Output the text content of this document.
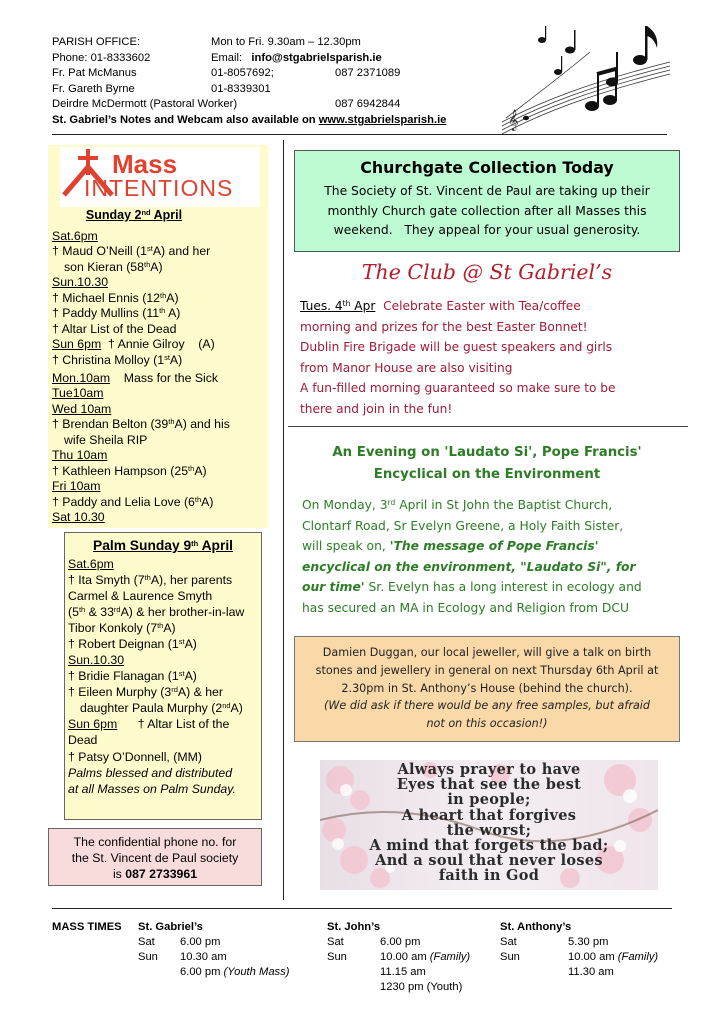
PARISH OFFICE:	Mon to Fri. 9.30am – 12.30pm
Phone: 01-8333602	Email: info@stgabrielsparish.ie
Fr. Pat McManus	01-8057692;	087 2371089
Fr. Gareth Byrne	01-8339301
Deirdre McDermott (Pastoral Worker)	087 6942844
St. Gabriel’s Notes and Webcam also available on www.stgabrielsparish.ie	𝄞
Mass
INTENTIONS
Sunday 2nd April
Sat.6pm
† Maud O’Neill (1stA) and her
son Kieran (58thA)
Sun.10.30
† Michael Ennis (12thA)
† Paddy Mullins (11th A)
† Altar List of the Dead
Sun 6pm  † Annie Gilroy    (A)
† Christina Molloy (1stA)
Mon.10am    Mass for the Sick
Tue10am
Wed 10am
† Brendan Belton (39thA) and his
wife Sheila RIP
Thu 10am
† Kathleen Hampson (25thA)
Fri 10am
† Paddy and Lelia Love (6thA)
Sat 10.30
Palm Sunday 9th April
Sat.6pm
† Ita Smyth (7thA), her parents
Carmel & Laurence Smyth
(5th & 33rdA) & her brother-in-law
Tibor Konkoly (7thA)
† Robert Deignan (1stA)
Sun.10.30
† Bridie Flanagan (1stA)
† Eileen Murphy (3rdA) & her
daughter Paula Murphy (2ndA)
Sun 6pm      † Altar List of the
Dead
† Patsy O’Donnell, (MM)
Palms blessed and distributed
at all Masses on Palm Sunday.
The confidential phone no. for
the St. Vincent de Paul society
is 087 2733961
Churchgate Collection Today
The Society of St. Vincent de Paul are taking up their
monthly Church gate collection after all Masses this
weekend.   They appeal for your usual generosity.
The Club @ St Gabriel’s
Tues. 4th Apr  Celebrate Easter with Tea/coffee
morning and prizes for the best Easter Bonnet!
Dublin Fire Brigade will be guest speakers and girls
from Manor House are also visiting
A fun-filled morning guaranteed so make sure to be
there and join in the fun!
An Evening on 'Laudato Si', Pope Francis'
Encyclical on the Environment
On Monday, 3rd April in St John the Baptist Church,
Clontarf Road, Sr Evelyn Greene, a Holy Faith Sister,
will speak on, 'The message of Pope Francis'
encyclical on the environment, "Laudato Si", for
our time' Sr. Evelyn has a long interest in ecology and
has secured an MA in Ecology and Religion from DCU
Damien Duggan, our local jeweller, will give a talk on birth
stones and jewellery in general on next Thursday 6th April at
2.30pm in St. Anthony’s House (behind the church).
(We did ask if there would be any free samples, but afraid
not on this occasion!)
Always prayer to have
Eyes that see the best
in people;
A heart that forgives
the worst;
A mind that forgets the bad;
And a soul that never loses
faith in God
MASS TIMES St. Gabriel’s
Sat 6.00 pm
Sun 10.30 am
6.00 pm (Youth Mass)
St. John’s
Sat	6.00 pm
Sun	10.00 am (Family)
11.15 am
1230 pm (Youth)
St. Anthony’s
Sat	5.30 pm
Sun	10.00 am (Family)
11.30 am
